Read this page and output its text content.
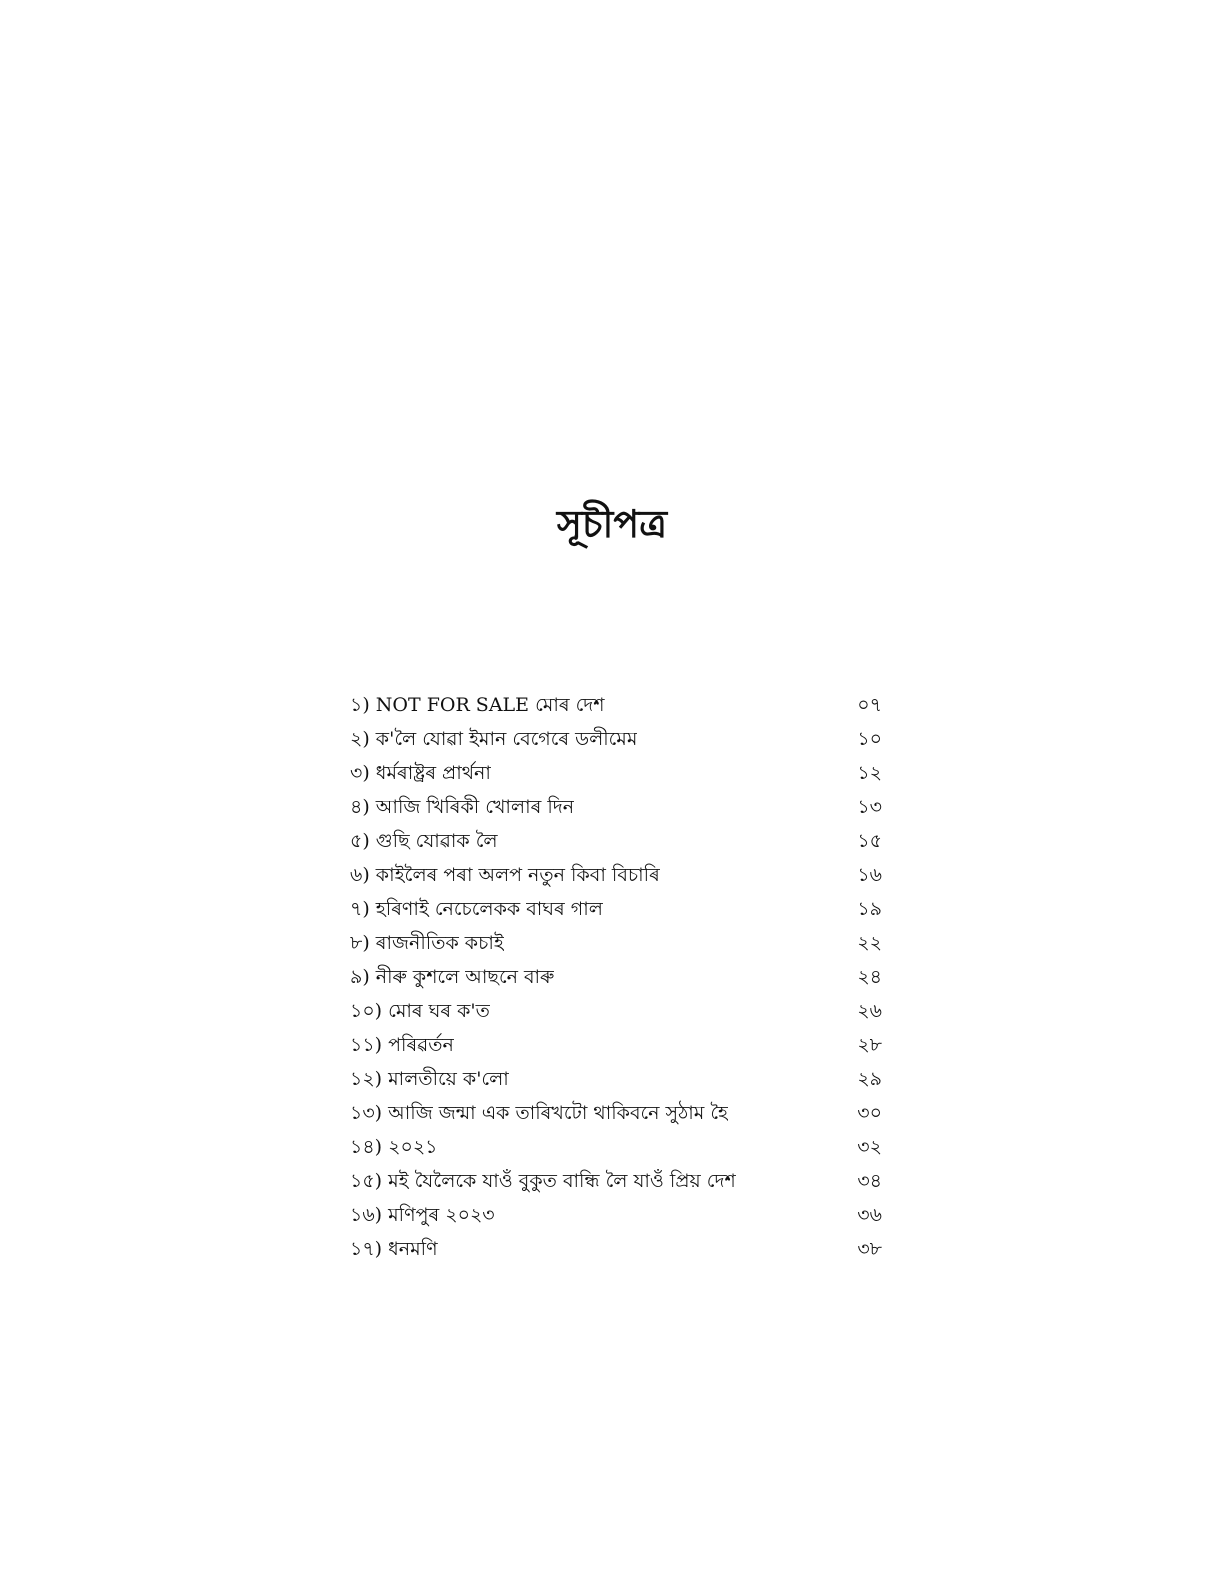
সূচীপত্ৰ
১) NOT FOR SALE মোৰ দেশ	০৭
২) ক'লৈ যোৱা ইমান বেগেৰে ডলীমেম	১০
৩) ধৰ্মৰাষ্ট্ৰৰ প্ৰাৰ্থনা	১২
৪) আজি খিৰিকী খোলাৰ দিন	১৩
৫) গুছি যোৱাক লৈ	১৫
৬) কাইলৈৰ পৰা অলপ নতুন কিবা বিচাৰি	১৬
৭) হৰিণাই নেচেলেকক বাঘৰ গাল	১৯
৮) ৰাজনীতিক কচাই	২২
৯) নীৰু কুশলে আছনে বাৰু	২৪
১০) মোৰ ঘৰ ক'ত	২৬
১১) পৰিৱৰ্তন	২৮
১২) মালতীয়ে ক'লো	২৯
১৩) আজি জন্মা এক তাৰিখটো থাকিবনে সুঠাম হৈ	৩০
১৪) ২০২১	৩২
১৫) মই যৈলৈকে যাওঁ বুকুত বান্ধি লৈ যাওঁ প্ৰিয় দেশ	৩৪
১৬) মণিপুৰ ২০২৩	৩৬
১৭) ধনমণি	৩৮
